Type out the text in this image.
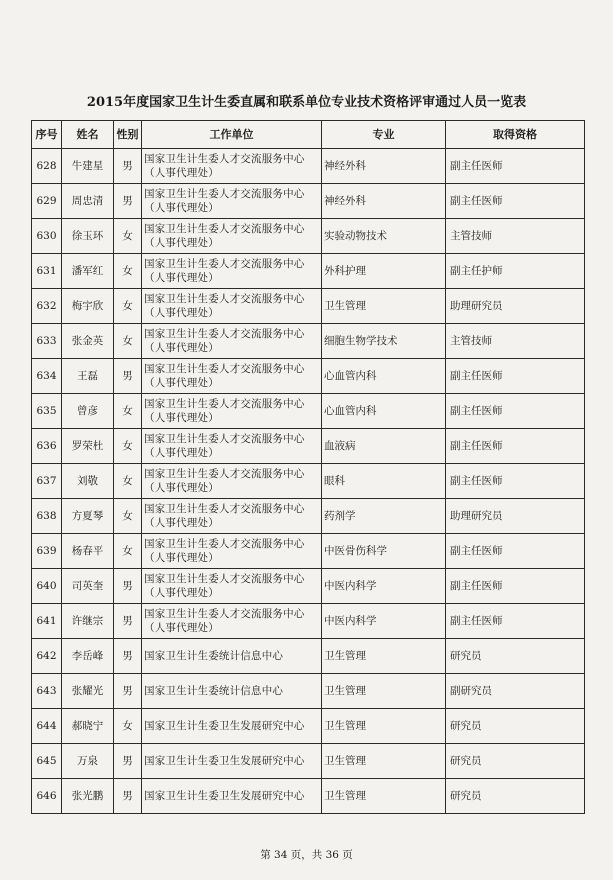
2015年度国家卫生计生委直属和联系单位专业技术资格评审通过人员一览表
序号	姓名	性别	工作单位	专业	取得资格
628	牛建星	男	国家卫生计生委人才交流服务中心（人事代理处）	神经外科	副主任医师
629	周忠清	男	国家卫生计生委人才交流服务中心（人事代理处）	神经外科	副主任医师
630	徐玉环	女	国家卫生计生委人才交流服务中心（人事代理处）	实验动物技术	主管技师
631	潘军红	女	国家卫生计生委人才交流服务中心（人事代理处）	外科护理	副主任护师
632	梅宇欣	女	国家卫生计生委人才交流服务中心（人事代理处）	卫生管理	助理研究员
633	张金英	女	国家卫生计生委人才交流服务中心（人事代理处）	细胞生物学技术	主管技师
634	王磊	男	国家卫生计生委人才交流服务中心（人事代理处）	心血管内科	副主任医师
635	曾彦	女	国家卫生计生委人才交流服务中心（人事代理处）	心血管内科	副主任医师
636	罗荣杜	女	国家卫生计生委人才交流服务中心（人事代理处）	血液病	副主任医师
637	刘敬	女	国家卫生计生委人才交流服务中心（人事代理处）	眼科	副主任医师
638	方夏琴	女	国家卫生计生委人才交流服务中心（人事代理处）	药剂学	助理研究员
639	杨春平	女	国家卫生计生委人才交流服务中心（人事代理处）	中医骨伤科学	副主任医师
640	司英奎	男	国家卫生计生委人才交流服务中心（人事代理处）	中医内科学	副主任医师
641	许继宗	男	国家卫生计生委人才交流服务中心（人事代理处）	中医内科学	副主任医师
642	李岳峰	男	国家卫生计生委统计信息中心	卫生管理	研究员
643	张耀光	男	国家卫生计生委统计信息中心	卫生管理	副研究员
644	郝晓宁	女	国家卫生计生委卫生发展研究中心	卫生管理	研究员
645	万泉	男	国家卫生计生委卫生发展研究中心	卫生管理	研究员
646	张光鹏	男	国家卫生计生委卫生发展研究中心	卫生管理	研究员
第 34 页，共 36 页
